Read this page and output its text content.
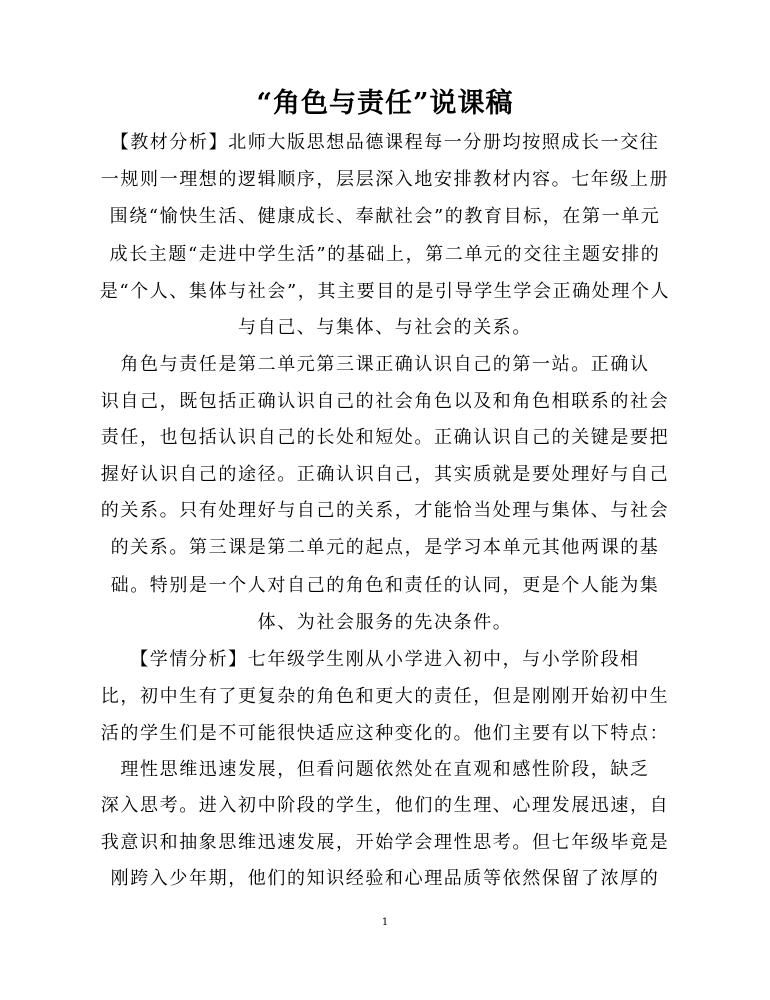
“角色与责任”说课稿
【教材分析】北师大版思想品德课程每一分册均按照成长一交往
一规则一理想的逻辑顺序，层层深入地安排教材内容。七年级上册
围绕“愉快生活、健康成长、奉献社会”的教育目标，在第一单元
成长主题“走进中学生活”的基础上，第二单元的交往主题安排的
是“个人、集体与社会”，其主要目的是引导学生学会正确处理个人
与自己、与集体、与社会的关系。
角色与责任是第二单元第三课正确认识自己的第一站。正确认
识自己，既包括正确认识自己的社会角色以及和角色相联系的社会
责任，也包括认识自己的长处和短处。正确认识自己的关键是要把
握好认识自己的途径。正确认识自己，其实质就是要处理好与自己
的关系。只有处理好与自己的关系，才能恰当处理与集体、与社会
的关系。第三课是第二单元的起点，是学习本单元其他两课的基
础。特别是一个人对自己的角色和责任的认同，更是个人能为集
体、为社会服务的先决条件。
【学情分析】七年级学生刚从小学进入初中，与小学阶段相
比，初中生有了更复杂的角色和更大的责任，但是刚刚开始初中生
活的学生们是不可能很快适应这种变化的。他们主要有以下特点：
理性思维迅速发展，但看问题依然处在直观和感性阶段，缺乏
深入思考。进入初中阶段的学生，他们的生理、心理发展迅速，自
我意识和抽象思维迅速发展，开始学会理性思考。但七年级毕竟是
刚跨入少年期，他们的知识经验和心理品质等依然保留了浓厚的
1
